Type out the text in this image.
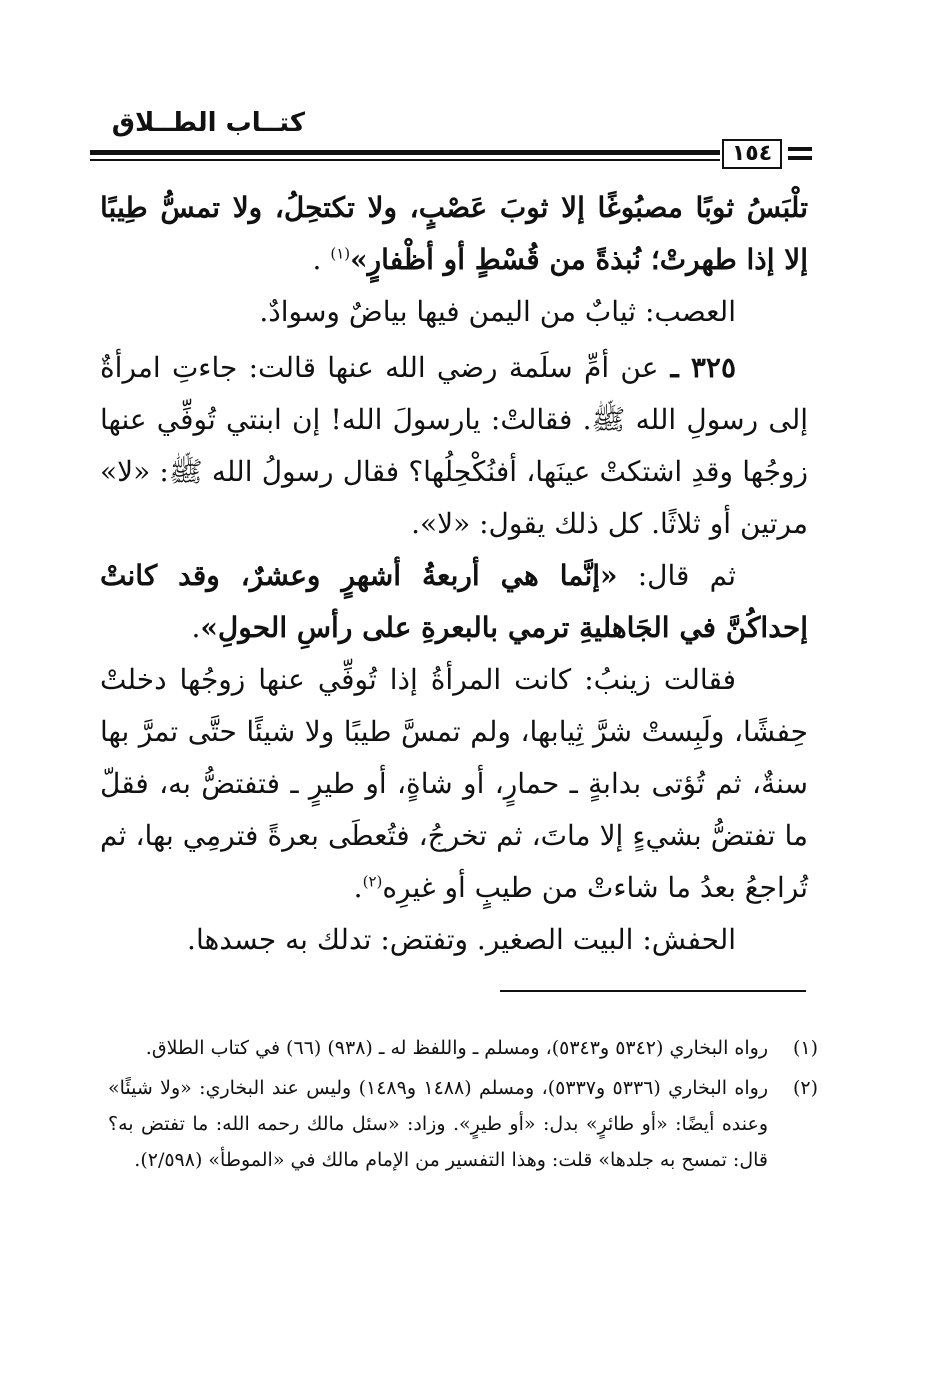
كتــاب الطــلاق
١٥٤

تلْبَسُ ثوبًا مصبُوغًا إلا ثوبَ عَصْبٍ، ولا تكتحِلُ، ولا تمسُّ طِيبًا إلا إذا طهرتْ؛ نُبذةً من قُسْطٍ أو أظْفارٍ»$^{(١)}$ .

العصب: ثيابٌ من اليمن فيها بياضٌ وسوادٌ.

٣٢٥ ـ عن أمِّ سلَمة رضي الله عنها قالت: جاءتِ امرأةٌ إلى رسولِ الله ﷺ. فقالتْ: يارسولَ الله! إن ابنتي تُوفِّي عنها زوجُها وقدِ اشتكتْ عينَها، أفنُكْحِلُها؟ فقال رسولُ الله ﷺ: «لا» مرتين أو ثلاثًا. كل ذلك يقول: «لا».

ثم قال: «إنَّما هي أربعةُ أشهرٍ وعشرٌ، وقد كانتْ إحداكُنَّ في الجَاهليةِ ترمي بالبعرةِ على رأسِ الحولِ».

فقالت زينبُ: كانت المرأةُ إذا تُوفِّي عنها زوجُها دخلتْ حِفشًا، ولَبِستْ شرَّ ثِيابها، ولم تمسَّ طيبًا ولا شيئًا حتَّى تمرَّ بها سنةٌ، ثم تُؤتى بدابةٍ ـ حمارٍ، أو شاةٍ، أو طيرٍ ـ فتفتضُّ به، فقلّ ما تفتضُّ بشيءٍ إلا ماتَ، ثم تخرجُ، فتُعطَى بعرةً فترمِي بها، ثم تُراجعُ بعدُ ما شاءتْ من طيبٍ أو غيرِه$^{(٢)}$.

الحفش: البيت الصغير. وتفتض: تدلك به جسدها.

(١)
رواه البخاري (٥٣٤٢ و٥٣٤٣)، ومسلم ـ واللفظ له ـ (٩٣٨) (٦٦) في كتاب الطلاق.
(٢)
رواه البخاري (٥٣٣٦ و٥٣٣٧)، ومسلم (١٤٨٨ و١٤٨٩) وليس عند البخاري: «ولا شيئًا» وعنده أيضًا: «أو طائرٍ» بدل: «أو طيرٍ». وزاد: «سئل مالك رحمه الله: ما تفتض به؟ قال: تمسح به جلدها» قلت: وهذا التفسير من الإمام مالك في «الموطأ» (٢/٥٩٨).
